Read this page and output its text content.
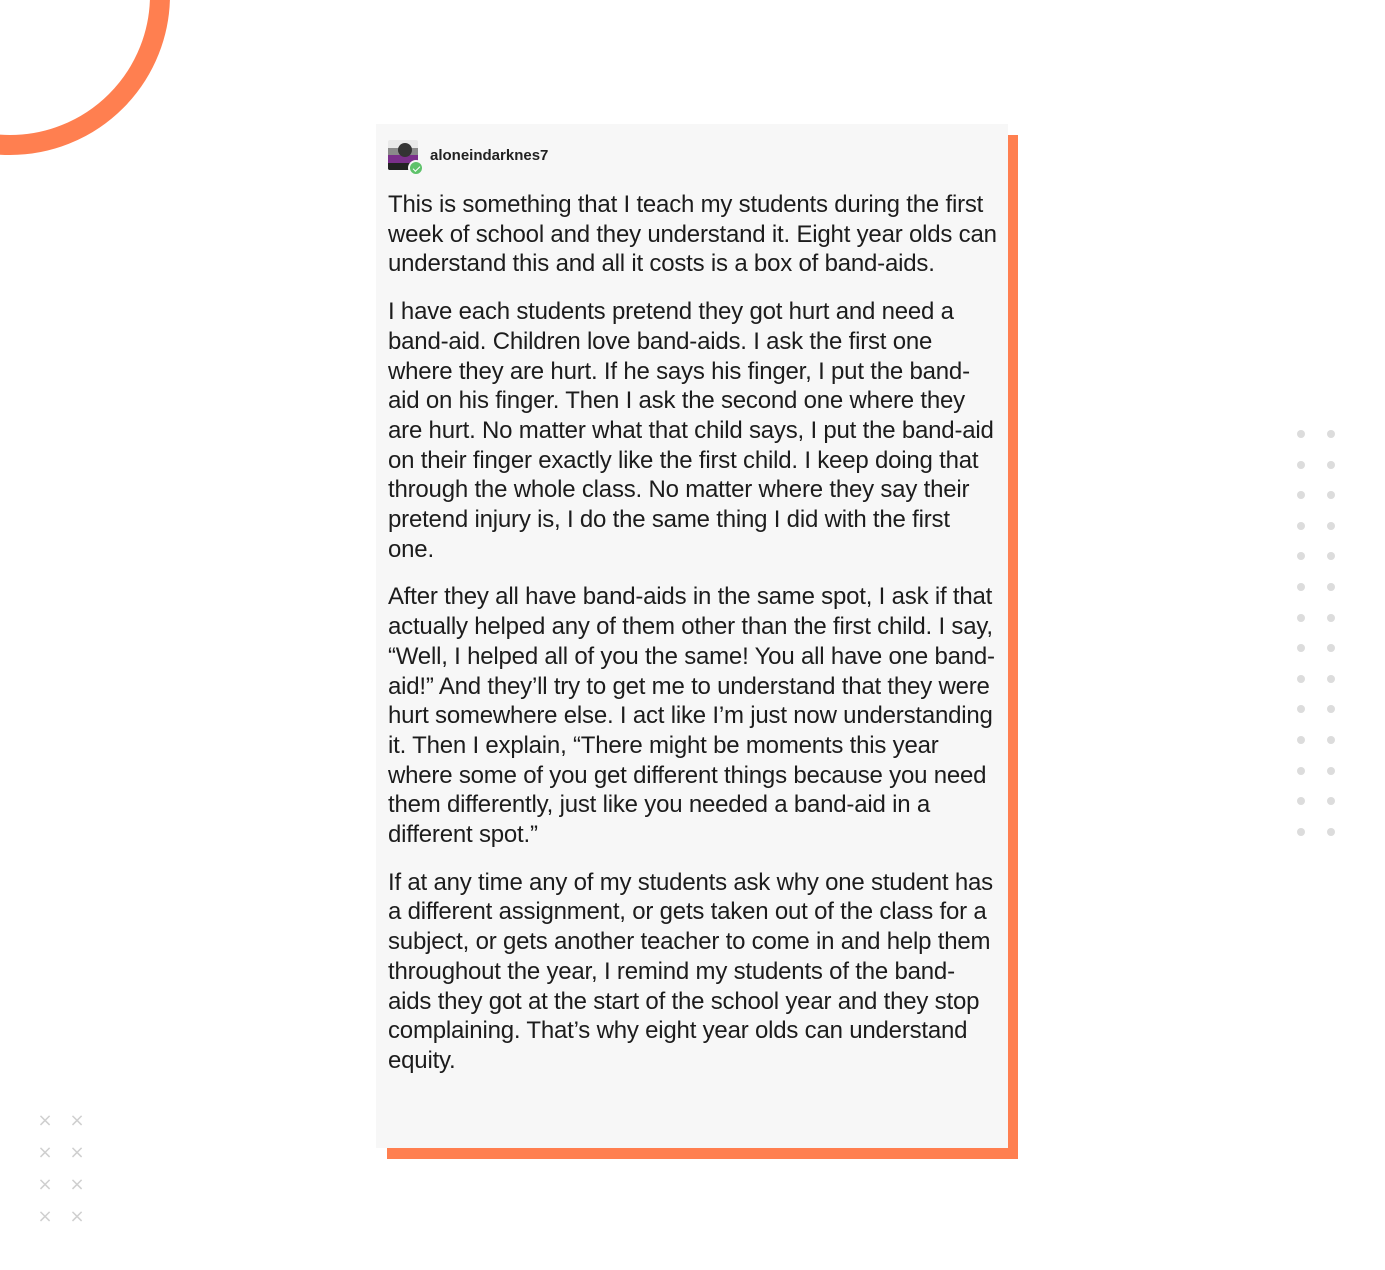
× ×
× ×
× ×
× ×
aloneindarknes7

This is something that I teach my students during the first week of school and they understand it. Eight year olds can understand this and all it costs is a box of band-aids.

I have each students pretend they got hurt and need a band-aid. Children love band-aids. I ask the first one where they are hurt. If he says his finger, I put the band-aid on his finger. Then I ask the second one where they are hurt. No matter what that child says, I put the band-aid on their finger exactly like the first child. I keep doing that through the whole class. No matter where they say their pretend injury is, I do the same thing I did with the first one.

After they all have band-aids in the same spot, I ask if that actually helped any of them other than the first child. I say, “Well, I helped all of you the same! You all have one band-aid!” And they’ll try to get me to understand that they were hurt somewhere else. I act like I’m just now understanding it. Then I explain, “There might be moments this year where some of you get different things because you need them differently, just like you needed a band-aid in a different spot.”

If at any time any of my students ask why one student has a different assignment, or gets taken out of the class for a subject, or gets another teacher to come in and help them throughout the year, I remind my students of the band-aids they got at the start of the school year and they stop complaining. That’s why eight year olds can understand equity.
